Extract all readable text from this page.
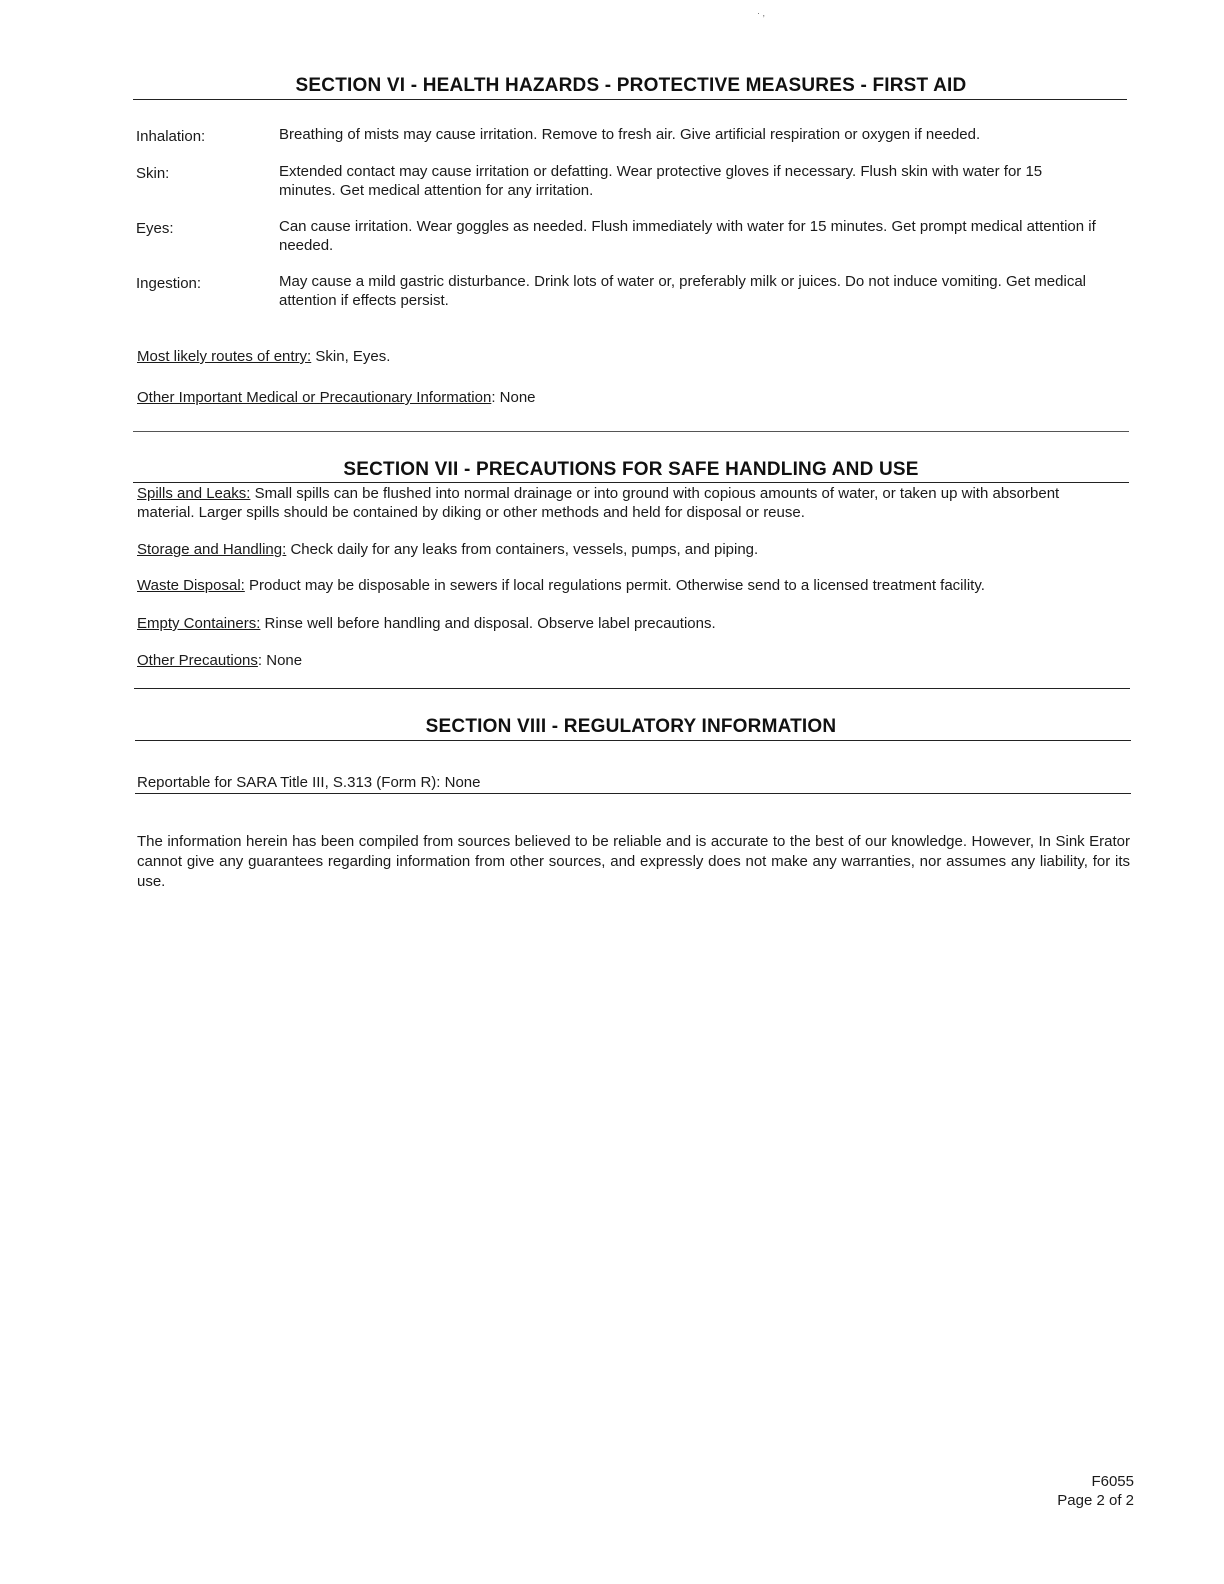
· ,
SECTION VI - HEALTH HAZARDS - PROTECTIVE MEASURES - FIRST AID
Inhalation:	Breathing of mists may cause irritation. Remove to fresh air. Give artificial respiration or oxygen if needed.
Skin:	Extended contact may cause irritation or defatting. Wear protective gloves if necessary. Flush skin with water for 15 minutes. Get medical attention for any irritation.
Eyes:	Can cause irritation. Wear goggles as needed. Flush immediately with water for 15 minutes. Get prompt medical attention if needed.
Ingestion:	May cause a mild gastric disturbance. Drink lots of water or, preferably milk or juices. Do not induce vomiting. Get medical attention if effects persist.
Most likely routes of entry: Skin, Eyes.
Other Important Medical or Precautionary Information: None
SECTION VII - PRECAUTIONS FOR SAFE HANDLING AND USE
Spills and Leaks: Small spills can be flushed into normal drainage or into ground with copious amounts of water, or taken up with absorbent material. Larger spills should be contained by diking or other methods and held for disposal or reuse.
Storage and Handling: Check daily for any leaks from containers, vessels, pumps, and piping.
Waste Disposal: Product may be disposable in sewers if local regulations permit. Otherwise send to a licensed treatment facility.
Empty Containers: Rinse well before handling and disposal. Observe label precautions.
Other Precautions: None
SECTION VIII - REGULATORY INFORMATION
Reportable for SARA Title III, S.313 (Form R): None
The information herein has been compiled from sources believed to be reliable and is accurate to the best of our knowledge. However, In Sink Erator cannot give any guarantees regarding information from other sources, and expressly does not make any warranties, nor assumes any liability, for its use.
F6055
Page 2 of 2
